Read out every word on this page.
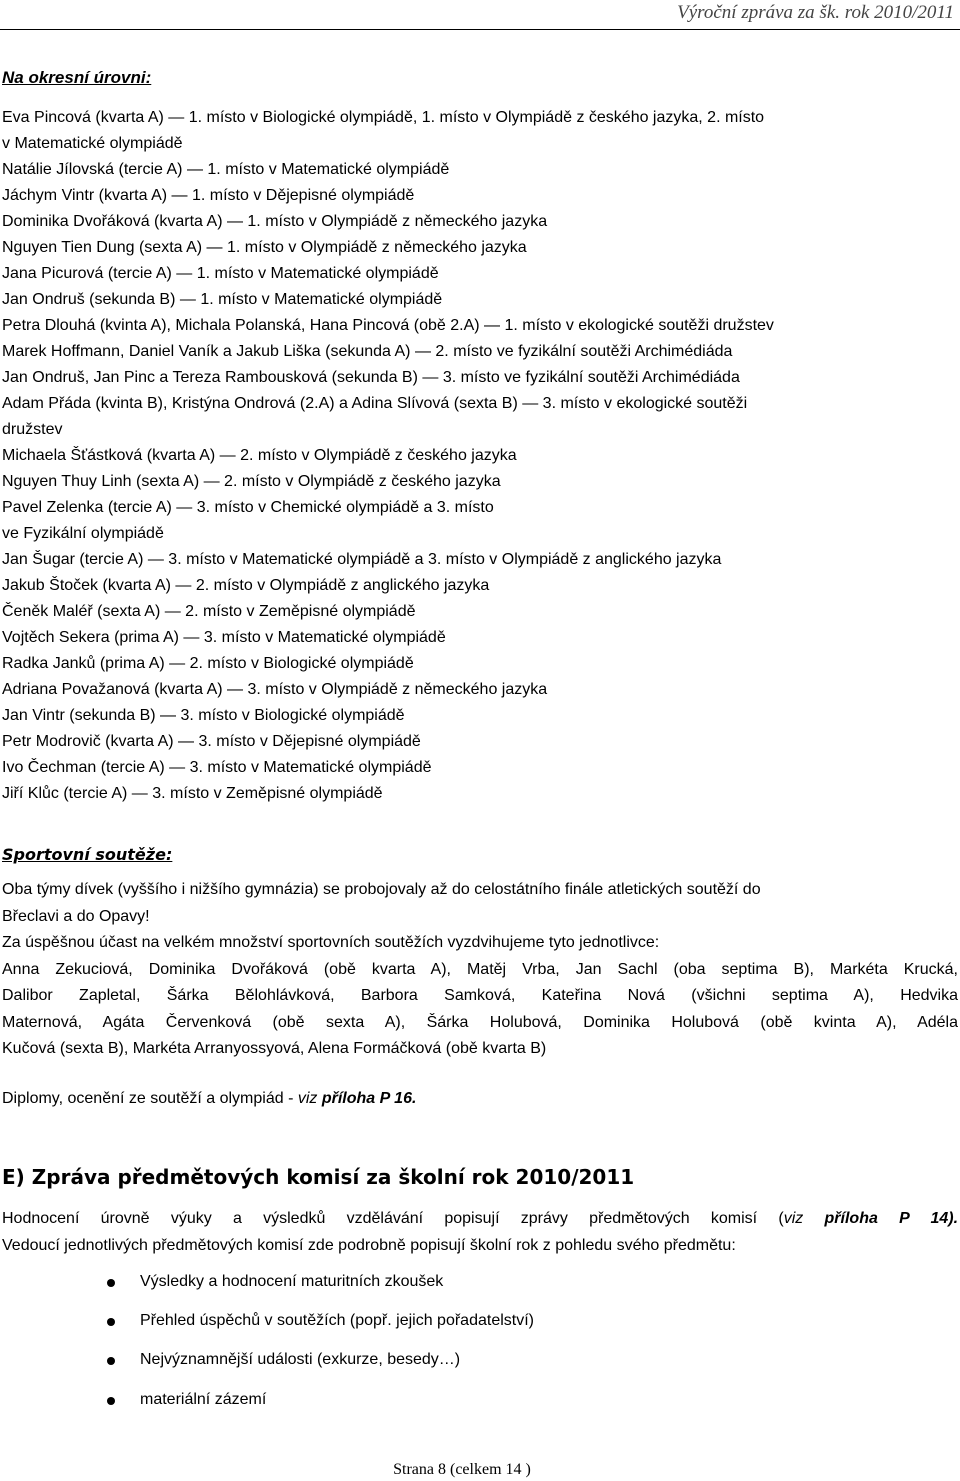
Výroční zpráva za šk. rok 2010/2011
Na okresní úrovni:
Eva Pincová (kvarta A) — 1. místo v Biologické olympiádě, 1. místo v Olympiádě z českého jazyka, 2. místo
v Matematické olympiádě
Natálie Jílovská (tercie A) — 1. místo v Matematické olympiádě
Jáchym Vintr (kvarta A) — 1. místo v Dějepisné olympiádě
Dominika Dvořáková (kvarta A) — 1. místo v Olympiádě z německého jazyka
Nguyen Tien Dung (sexta A) — 1. místo v Olympiádě z německého jazyka
Jana Picurová (tercie A) — 1. místo v Matematické olympiádě
Jan Ondruš (sekunda B) — 1. místo v Matematické olympiádě
Petra Dlouhá (kvinta A), Michala Polanská, Hana Pincová (obě 2.A) — 1. místo v ekologické soutěži družstev
Marek Hoffmann, Daniel Vaník a Jakub Liška (sekunda A) — 2. místo ve fyzikální soutěži Archimédiáda
Jan Ondruš, Jan Pinc a Tereza Rambousková (sekunda B) — 3. místo ve fyzikální soutěži Archimédiáda
Adam Přáda (kvinta B), Kristýna Ondrová (2.A) a Adina Slívová (sexta B) — 3. místo v ekologické soutěži
družstev
Michaela Šťástková (kvarta A) — 2. místo v Olympiádě z českého jazyka
Nguyen Thuy Linh (sexta A) — 2. místo v Olympiádě z českého jazyka
Pavel Zelenka (tercie A) — 3. místo v Chemické olympiádě a 3. místo
ve Fyzikální olympiádě
Jan Šugar (tercie A) — 3. místo v Matematické olympiádě a 3. místo v Olympiádě z anglického jazyka
Jakub Štoček (kvarta A) — 2. místo v Olympiádě z anglického jazyka
Čeněk Maléř (sexta A) — 2. místo v Zeměpisné olympiádě
Vojtěch Sekera (prima A) — 3. místo v Matematické olympiádě
Radka Janků (prima A) — 2. místo v Biologické olympiádě
Adriana Považanová (kvarta A) — 3. místo v Olympiádě z německého jazyka
Jan Vintr (sekunda B) — 3. místo v Biologické olympiádě
Petr Modrovič (kvarta A) — 3. místo v Dějepisné olympiádě
Ivo Čechman (tercie A) — 3. místo v Matematické olympiádě
Jiří Klůc (tercie A) — 3. místo v Zeměpisné olympiádě
Sportovní soutěže:
Oba týmy dívek (vyššího i nižšího gymnázia) se probojovaly až do celostátního finále atletických soutěží do
Břeclavi a do Opavy!
Za úspěšnou účast na velkém množství sportovních soutěžích vyzdvihujeme tyto jednotlivce:
Anna Zekuciová, Dominika Dvořáková (obě kvarta A), Matěj Vrba, Jan Sachl (oba septima B), Markéta Krucká,
Dalibor Zapletal, Šárka Bělohlávková, Barbora Samková, Kateřina Nová (všichni septima A), Hedvika
Maternová, Agáta Červenková (obě sexta A), Šárka Holubová, Dominika Holubová (obě kvinta A), Adéla
Kučová (sexta B), Markéta Arranyossyová, Alena Formáčková (obě kvarta B)
Diplomy, ocenění ze soutěží a olympiád - viz příloha P 16.
E) Zpráva předmětových komisí za školní rok 2010/2011
Hodnocení úrovně výuky a výsledků vzdělávání popisují zprávy předmětových komisí (viz příloha P 14).
Vedoucí jednotlivých předmětových komisí zde podrobně popisují školní rok z pohledu svého předmětu:
Výsledky a hodnocení maturitních zkoušek
Přehled úspěchů v soutěžích (popř. jejich pořadatelství)
Nejvýznamnější události (exkurze, besedy…)
materiální zázemí
Strana 8 (celkem 14 )
